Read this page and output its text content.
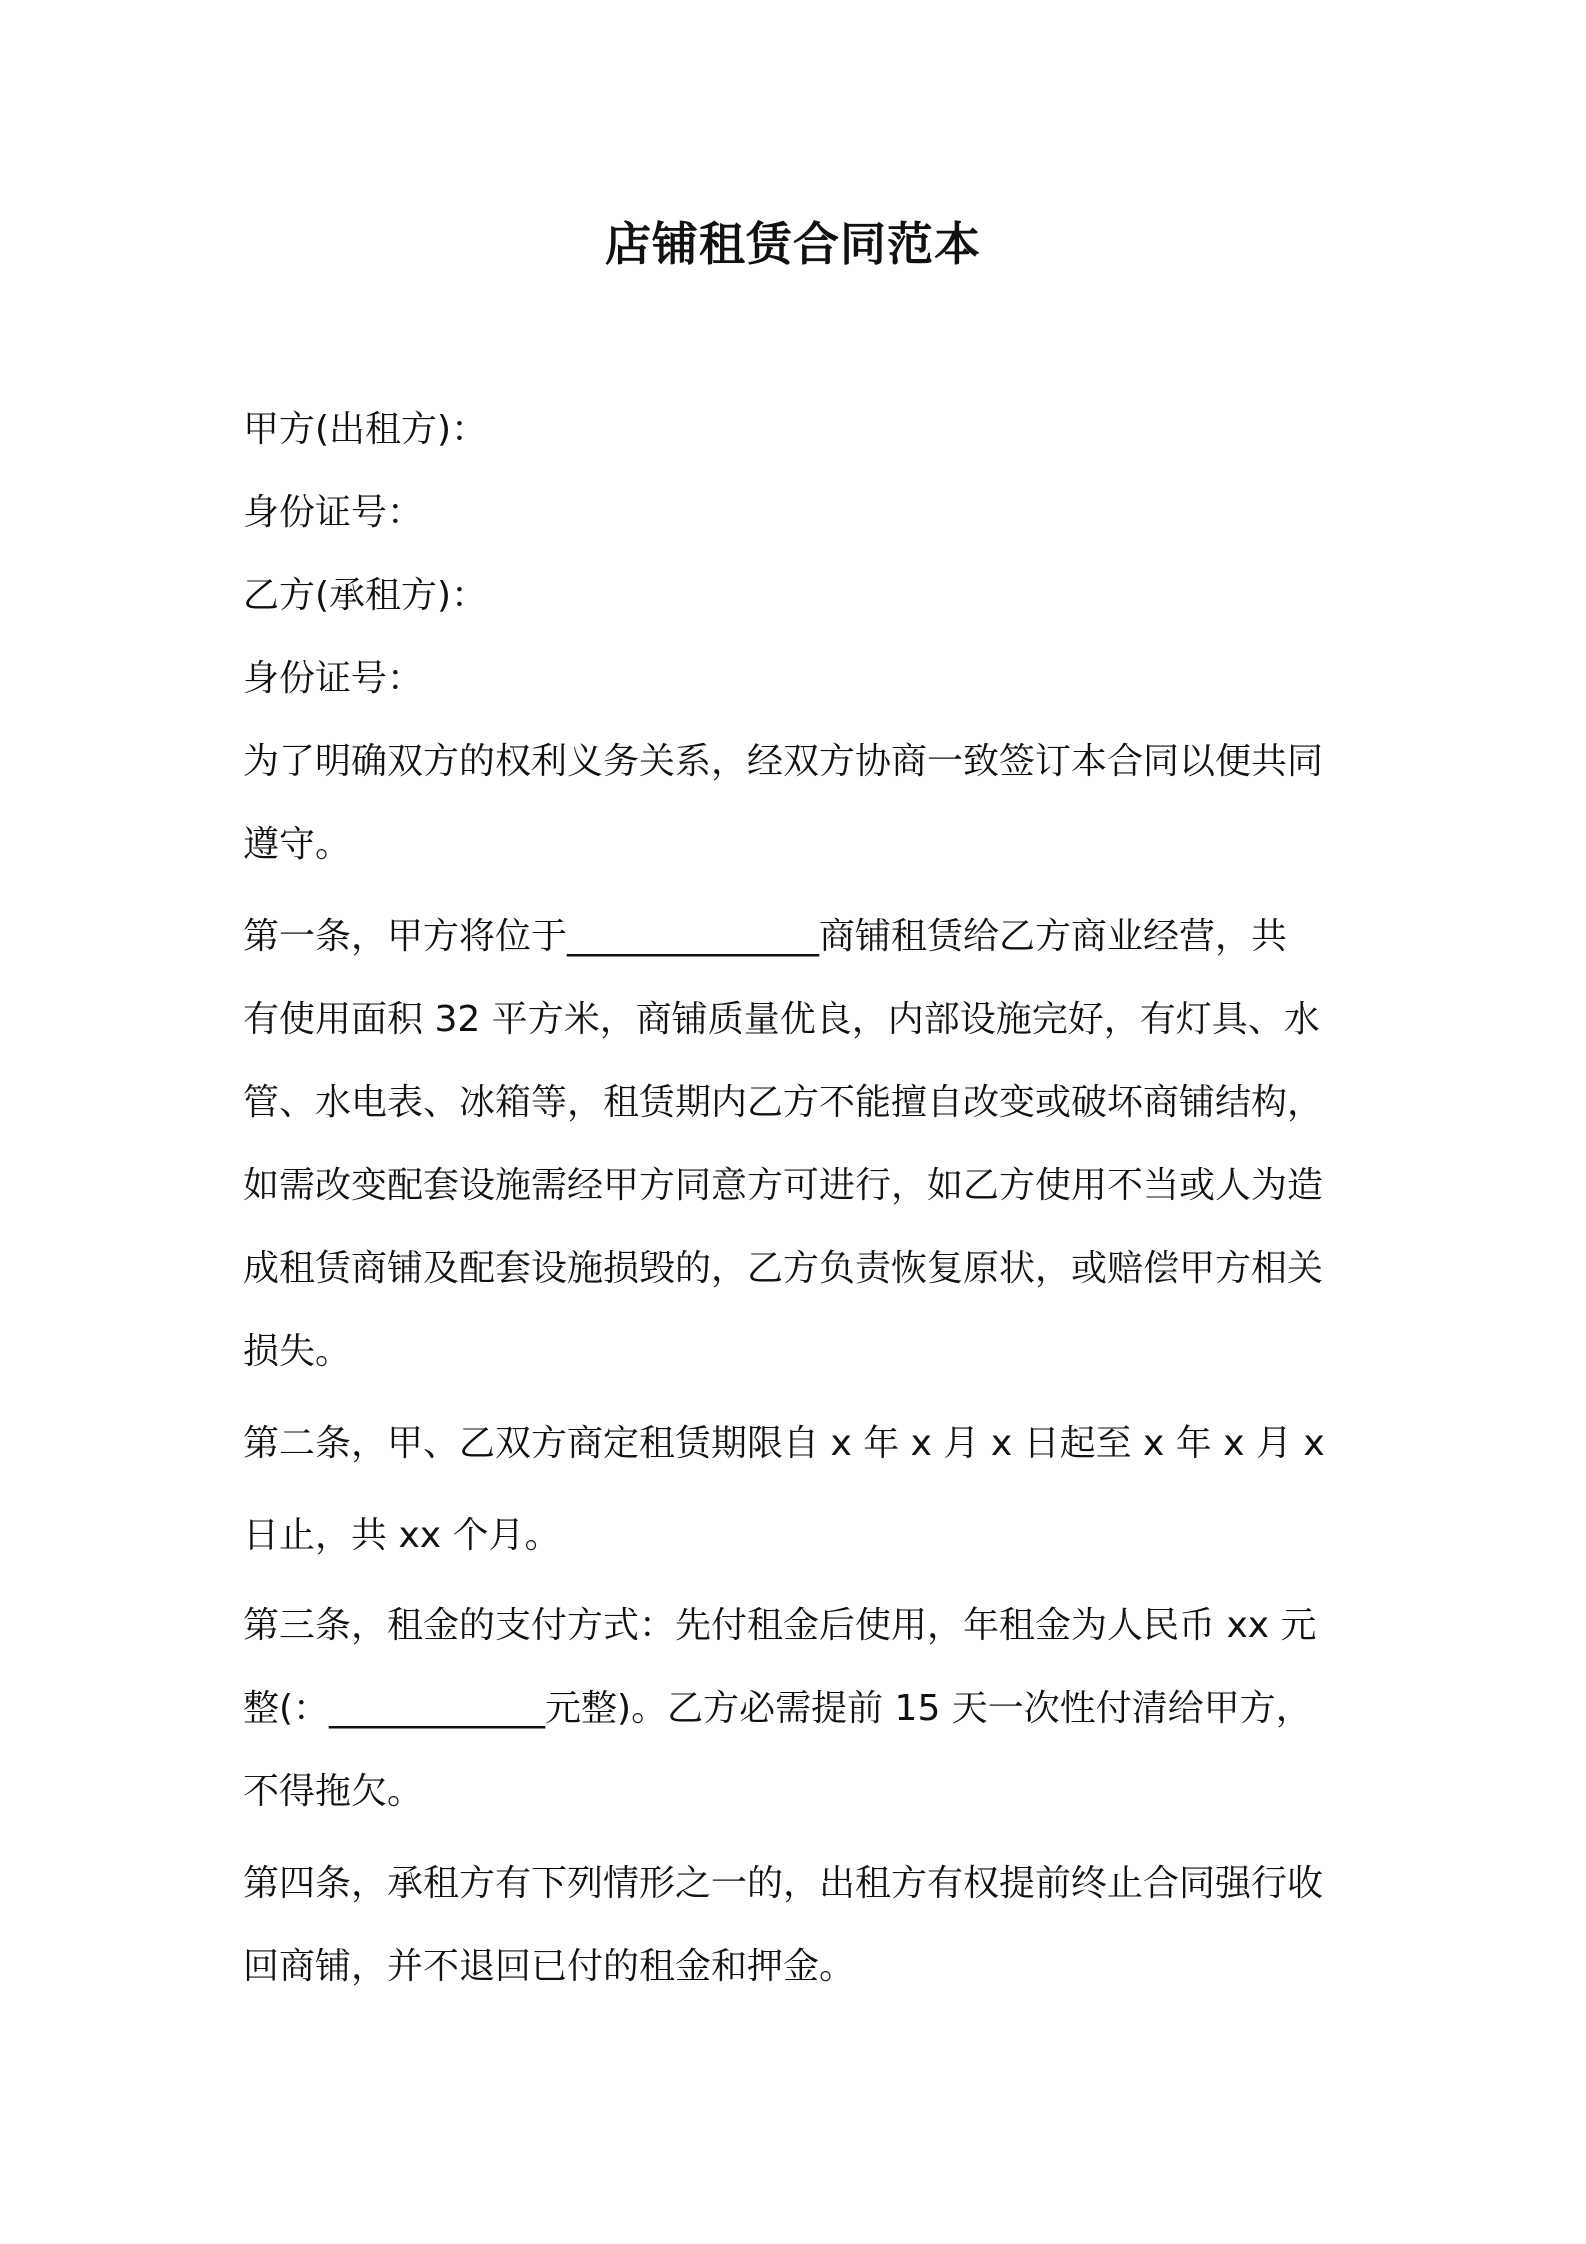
店铺租赁合同范本

甲方(出租方)：

身份证号：

乙方(承租方)：

身份证号：

为了明确双方的权利义务关系，经双方协商一致签订本合同以便共同

遵守。

第一条，甲方将位于______________商铺租赁给乙方商业经营，共

有使用面积 32 平方米，商铺质量优良，内部设施完好，有灯具、水

管、水电表、冰箱等，租赁期内乙方不能擅自改变或破坏商铺结构，

如需改变配套设施需经甲方同意方可进行，如乙方使用不当或人为造

成租赁商铺及配套设施损毁的，乙方负责恢复原状，或赔偿甲方相关

损失。

第二条，甲、乙双方商定租赁期限自 x 年 x 月 x 日起至 x 年 x 月 x

日止，共 xx 个月。

第三条，租金的支付方式：先付租金后使用，年租金为人民币 xx 元

整(：____________元整)。乙方必需提前 15 天一次性付清给甲方，

不得拖欠。

第四条，承租方有下列情形之一的，出租方有权提前终止合同强行收

回商铺，并不退回已付的租金和押金。
